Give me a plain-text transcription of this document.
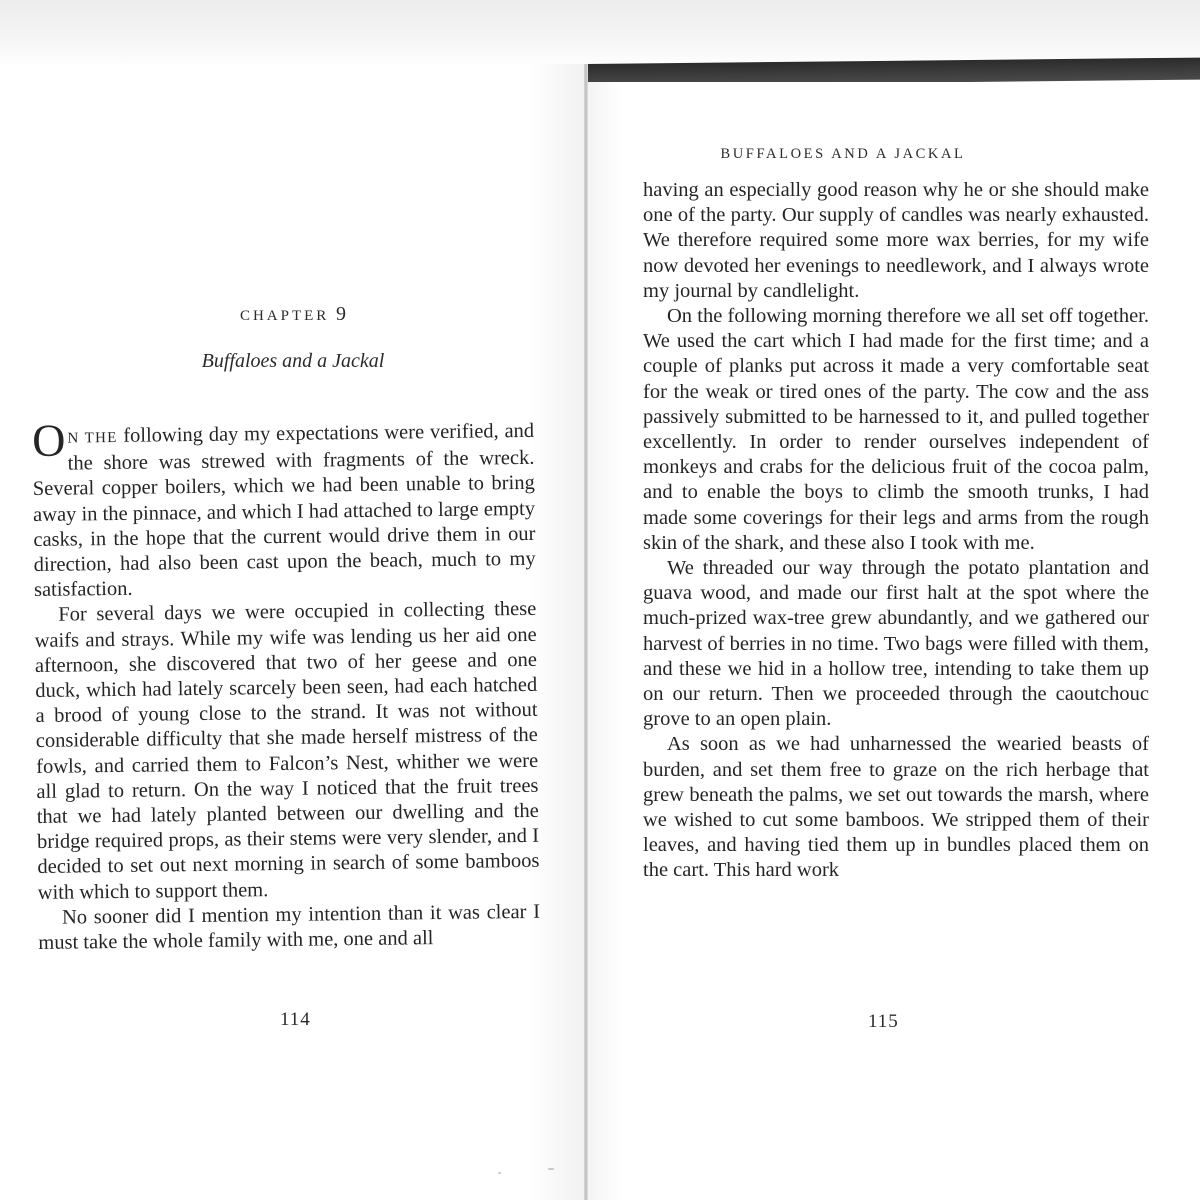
CHAPTER 9
Buffaloes and a Jackal

O N THE following day my expectations were verified, and the shore was strewed with fragments of the wreck. Several copper boilers, which we had been unable to bring away in the pinnace, and which I had attached to large empty casks, in the hope that the current would drive them in our direction, had also been cast upon the beach, much to my satisfaction.

For several days we were occupied in collecting these waifs and strays. While my wife was lending us her aid one afternoon, she discovered that two of her geese and one duck, which had lately scarcely been seen, had each hatched a brood of young close to the strand. It was not without considerable difficulty that she made herself mistress of the fowls, and carried them to Falcon’s Nest, whither we were all glad to return. On the way I noticed that the fruit trees that we had lately planted between our dwelling and the bridge required props, as their stems were very slender, and I decided to set out next morning in search of some bamboos with which to support them.

No sooner did I mention my intention than it was clear I must take the whole family with me, one and all

114
BUFFALOES AND A JACKAL

having an especially good reason why he or she should make one of the party. Our supply of candles was nearly exhausted. We therefore required some more wax berries, for my wife now devoted her evenings to needlework, and I always wrote my journal by candlelight.

On the following morning therefore we all set off together. We used the cart which I had made for the first time; and a couple of planks put across it made a very comfortable seat for the weak or tired ones of the party. The cow and the ass passively submitted to be harnessed to it, and pulled together excellently. In order to render ourselves independent of monkeys and crabs for the delicious fruit of the cocoa palm, and to enable the boys to climb the smooth trunks, I had made some coverings for their legs and arms from the rough skin of the shark, and these also I took with me.

We threaded our way through the potato plantation and guava wood, and made our first halt at the spot where the much-prized wax-tree grew abundantly, and we gathered our harvest of berries in no time. Two bags were filled with them, and these we hid in a hollow tree, intending to take them up on our return. Then we proceeded through the caoutchouc grove to an open plain.

As soon as we had unharnessed the wearied beasts of burden, and set them free to graze on the rich herbage that grew beneath the palms, we set out towards the marsh, where we wished to cut some bamboos. We stripped them of their leaves, and having tied them up in bundles placed them on the cart. This hard work

115
